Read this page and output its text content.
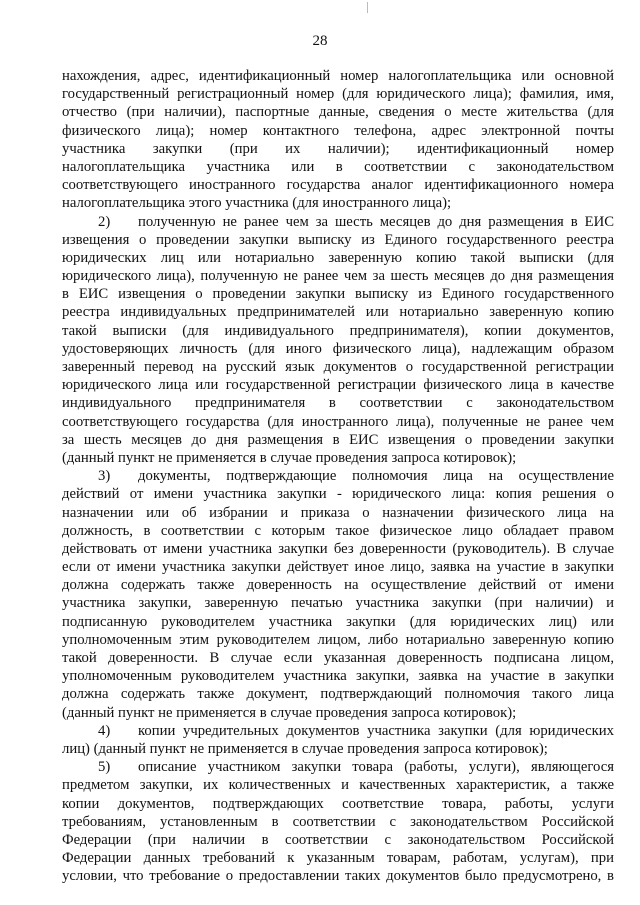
28
нахождения, адрес, идентификационный номер налогоплательщика или основной
государственный регистрационный номер (для юридического лица); фамилия, имя,
отчество (при наличии), паспортные данные, сведения о месте жительства (для
физического лица); номер контактного телефона, адрес электронной почты
участника закупки (при их наличии); идентификационный номер
налогоплательщика участника или в соответствии с законодательством
соответствующего иностранного государства аналог идентификационного номера
налогоплательщика этого участника (для иностранного лица);
2) полученную не ранее чем за шесть месяцев до дня размещения в ЕИС
извещения о проведении закупки выписку из Единого государственного реестра
юридических лиц или нотариально заверенную копию такой выписки (для
юридического лица), полученную не ранее чем за шесть месяцев до дня размещения
в ЕИС извещения о проведении закупки выписку из Единого государственного
реестра индивидуальных предпринимателей или нотариально заверенную копию
такой выписки (для индивидуального предпринимателя), копии документов,
удостоверяющих личность (для иного физического лица), надлежащим образом
заверенный перевод на русский язык документов о государственной регистрации
юридического лица или государственной регистрации физического лица в качестве
индивидуального предпринимателя в соответствии с законодательством
соответствующего государства (для иностранного лица), полученные не ранее чем
за шесть месяцев до дня размещения в ЕИС извещения о проведении закупки
(данный пункт не применяется в случае проведения запроса котировок);
3) документы, подтверждающие полномочия лица на осуществление
действий от имени участника закупки - юридического лица: копия решения о
назначении или об избрании и приказа о назначении физического лица на
должность, в соответствии с которым такое физическое лицо обладает правом
действовать от имени участника закупки без доверенности (руководитель). В случае
если от имени участника закупки действует иное лицо, заявка на участие в закупки
должна содержать также доверенность на осуществление действий от имени
участника закупки, заверенную печатью участника закупки (при наличии) и
подписанную руководителем участника закупки (для юридических лиц) или
уполномоченным этим руководителем лицом, либо нотариально заверенную копию
такой доверенности. В случае если указанная доверенность подписана лицом,
уполномоченным руководителем участника закупки, заявка на участие в закупки
должна содержать также документ, подтверждающий полномочия такого лица
(данный пункт не применяется в случае проведения запроса котировок);
4) копии учредительных документов участника закупки (для юридических
лиц) (данный пункт не применяется в случае проведения запроса котировок);
5) описание участником закупки товара (работы, услуги), являющегося
предметом закупки, их количественных и качественных характеристик, а также
копии документов, подтверждающих соответствие товара, работы, услуги
требованиям, установленным в соответствии с законодательством Российской
Федерации (при наличии в соответствии с законодательством Российской
Федерации данных требований к указанным товарам, работам, услугам), при
условии, что требование о предоставлении таких документов было предусмотрено, в
